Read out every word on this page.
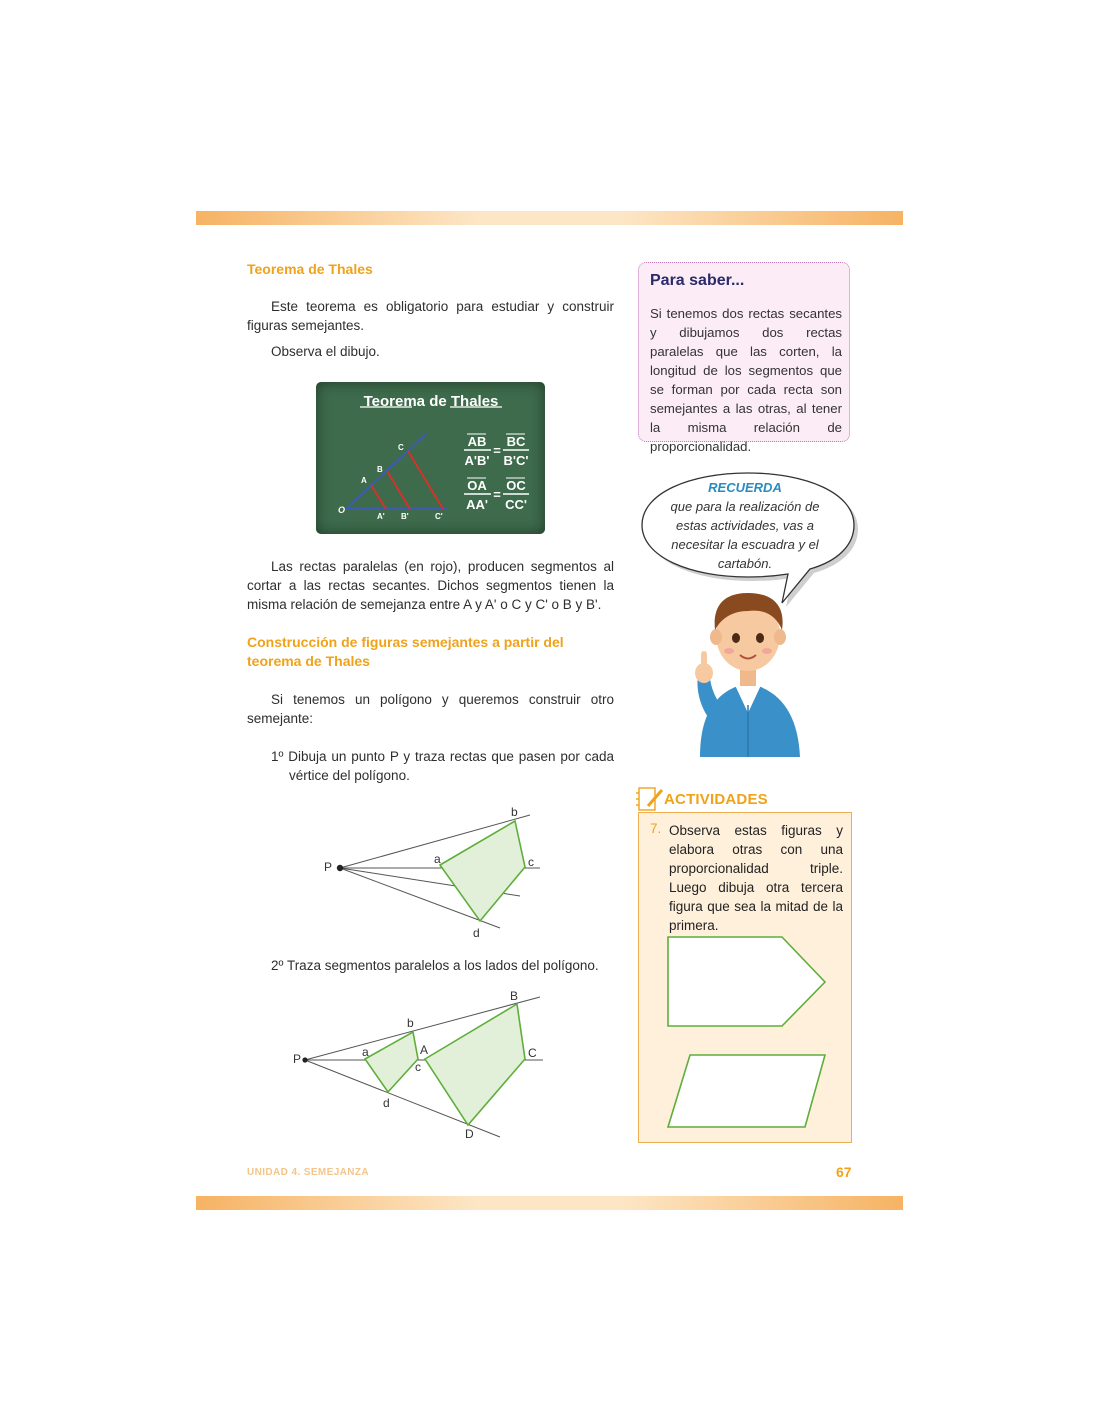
Teorema de Thales

Este teorema es obligatorio para estudiar y construir figuras semejantes.

Observa el dibujo.

Teorema de Thales
O
A
B
C
A' B'	C'
AB
A'B'
=
BC
B'C'
OA
AA'
=
OC
CC'

Las rectas paralelas (en rojo), producen segmentos al cortar a las rectas secantes. Dichos segmentos tienen la misma relación de semejanza entre A y A' o C y C' o B y B'.

Construcción de figuras semejantes a partir del teorema de Thales

Si tenemos un polígono y queremos construir otro semejante:

1º Dibuja un punto P y traza rectas que pasen por cada vértice del polígono.

P
a
b
c
d

2º Traza segmentos paralelos a los lados del polígono.

P	a
b
c
d
A
B
C
D

Para saber...

Si tenemos dos rectas secantes y dibujamos dos rectas paralelas que las corten, la longitud de los segmentos que se forman por cada recta son semejantes a las otras, al tener la misma relación de proporcionalidad.

RECUERDA
que para la realización de estas actividades, vas a necesitar la escuadra y el cartabón.

ACTIVIDADES

7. Observa estas figuras y elabora otras con una proporcionalidad triple. Luego dibuja otra tercera figura que sea la mitad de la primera.

UNIDAD 4. SEMEJANZA	67
